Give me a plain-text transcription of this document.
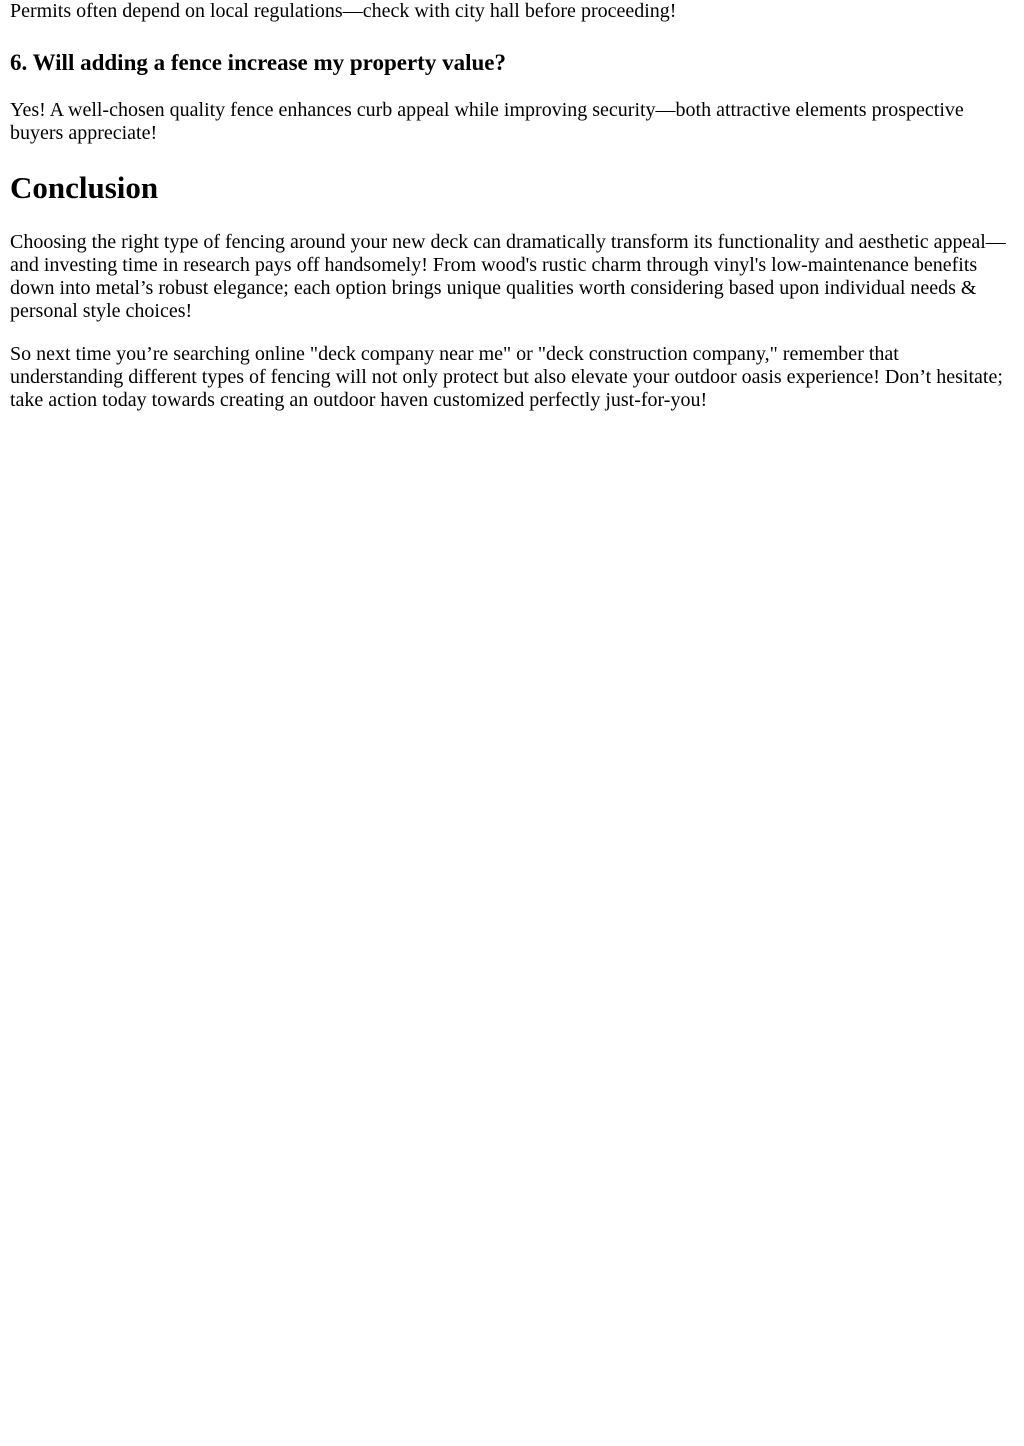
Permits often depend on local regulations—check with city hall before proceeding!

6. Will adding a fence increase my property value?

Yes! A well-chosen quality fence enhances curb appeal while improving security—both attractive elements prospective buyers appreciate!

Conclusion

Choosing the right type of fencing around your new deck can dramatically transform its functionality and aesthetic appeal—and investing time in research pays off handsomely! From wood's rustic charm through vinyl's low-maintenance benefits down into metal’s robust elegance; each option brings unique qualities worth considering based upon individual needs & personal style choices!

So next time you’re searching online "deck company near me" or "deck construction company," remember that understanding different types of fencing will not only protect but also elevate your outdoor oasis experience! Don’t hesitate; take action today towards creating an outdoor haven customized perfectly just-for-you!
